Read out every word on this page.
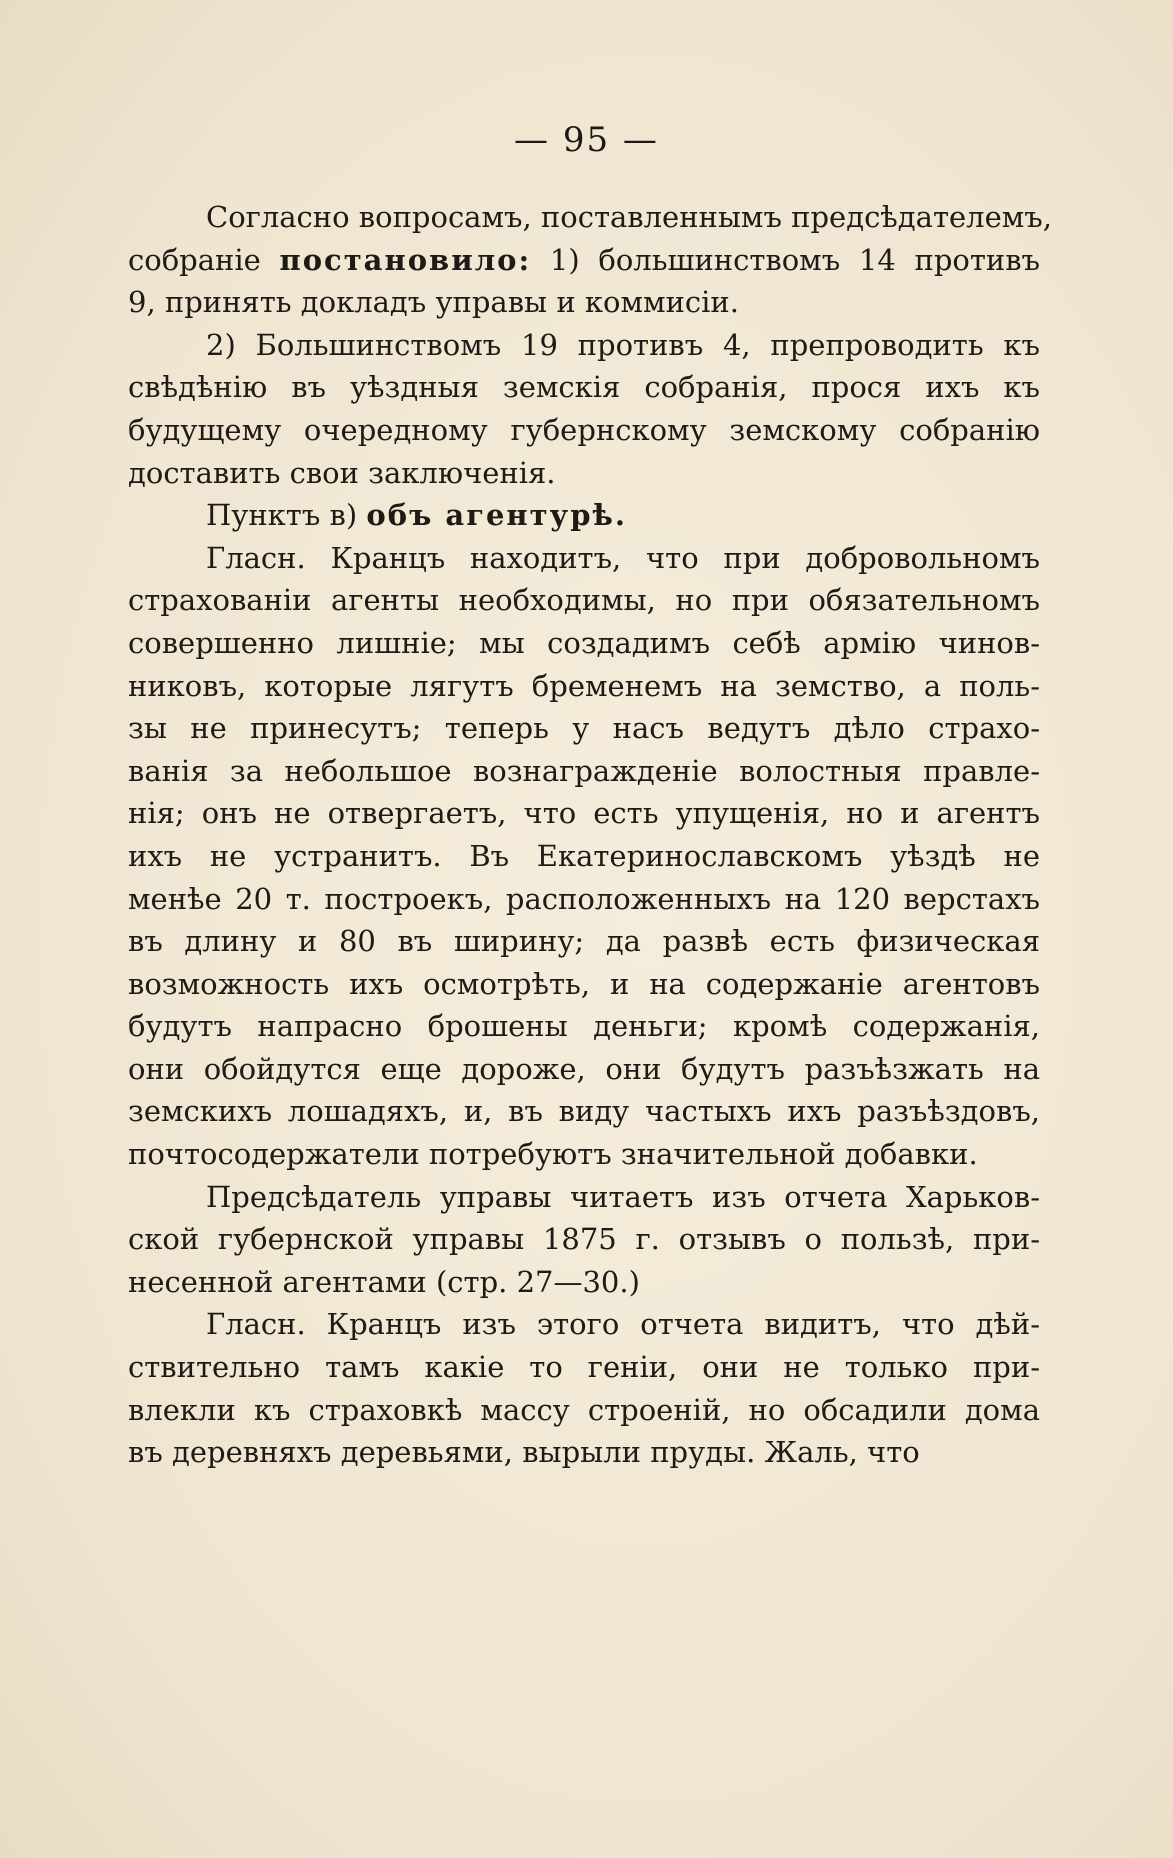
— 95 —
Согласно вопросамъ, поставленнымъ предсѣдателемъ,
собраніе постановило: 1) большинствомъ 14 противъ
9, принять докладъ управы и коммисіи.
2) Большинствомъ 19 противъ 4, препроводить къ
свѣдѣнію въ уѣздныя земскія собранія, прося ихъ къ
будущему очередному губернскому земскому собранію
доставить свои заключенія.
Пунктъ в) объ агентурѣ.
Гласн. Кранцъ находитъ, что при добровольномъ
страхованіи агенты необходимы, но при обязательномъ
совершенно лишніе; мы создадимъ себѣ армію чинов-
никовъ, которые лягутъ бременемъ на земство, а поль-
зы не принесутъ; теперь у насъ ведутъ дѣло страхо-
ванія за небольшое вознагражденіе волостныя правле-
нія; онъ не отвергаетъ, что есть упущенія, но и агентъ
ихъ не устранитъ. Въ Екатеринославскомъ уѣздѣ не
менѣе 20 т. построекъ, расположенныхъ на 120 верстахъ
въ длину и 80 въ ширину; да развѣ есть физическая
возможность ихъ осмотрѣть, и на содержаніе агентовъ
будутъ напрасно брошены деньги; кромѣ содержанія,
они обойдутся еще дороже, они будутъ разъѣзжать на
земскихъ лошадяхъ, и, въ виду частыхъ ихъ разъѣздовъ,
почтосодержатели потребуютъ значительной добавки.
Предсѣдатель управы читаетъ изъ отчета Харьков-
ской губернской управы 1875 г. отзывъ о пользѣ, при-
несенной агентами (стр. 27—30.)
Гласн. Кранцъ изъ этого отчета видитъ, что дѣй-
ствительно тамъ какіе то геніи, они не только при-
влекли къ страховкѣ массу строеній, но обсадили дома
въ деревняхъ деревьями, вырыли пруды. Жаль, что
